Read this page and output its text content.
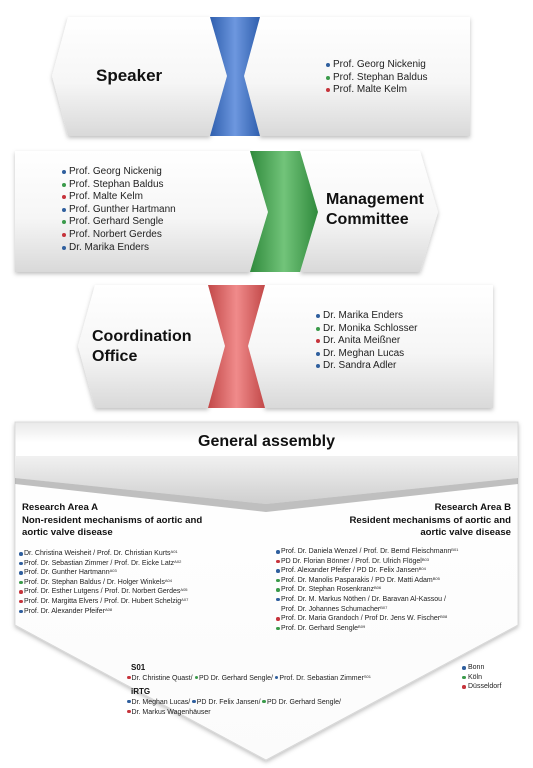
Speaker
Prof. Georg Nickenig
Prof. Stephan Baldus
Prof. Malte Kelm
Prof. Georg Nickenig
Prof. Stephan Baldus
Prof. Malte Kelm
Prof. Gunther Hartmann
Prof. Gerhard Sengle
Prof. Norbert Gerdes
Dr. Marika Enders
Management
Committee
Coordination
Office
Dr. Marika Enders
Dr. Monika Schlosser
Dr. Anita Meißner
Dr. Meghan Lucas
Dr. Sandra Adler
General assembly
Research Area A
Non-resident mechanisms of aortic and
aortic valve disease
Research Area B
Resident mechanisms of aortic and
aortic valve disease
Dr. Christina Weisheit / Prof. Dr. Christian Kurts$^{A01}$
Prof. Dr. Sebastian Zimmer / Prof. Dr. Eicke Latz$^{A02}$
Prof. Dr. Gunther Hartmann$^{A03}$
Prof. Dr. Stephan Baldus / Dr. Holger Winkels$^{A04}$
Prof. Dr. Esther Lutgens / Prof. Dr. Norbert Gerdes$^{A05}$
Prof. Dr. Margitta Elvers / Prof. Dr. Hubert Schelzig$^{A07}$
Prof. Dr. Alexander Pfeifer$^{A08}$
Prof. Dr. Daniela Wenzel / Prof. Dr. Bernd Fleischmann$^{B01}$
PD Dr. Florian Bönner / Prof. Dr. Ulrich Flögel$^{B03}$
Prof. Alexander Pfeifer / PD Dr. Felix Jansen$^{B04}$
Prof. Dr. Manolis Pasparakis / PD Dr. Matti Adam$^{B05}$
Prof. Dr. Stephan Rosenkranz$^{B06}$
Prof. Dr. M. Markus Nöthen / Dr. Baravan Al-Kassou /
Prof. Dr. Johannes Schumacher$^{B07}$
Prof. Dr. Maria Grandoch / Prof Dr. Jens W. Fischer$^{B08}$
Prof. Dr. Gerhard Sengle$^{B09}$
S01
Dr. Christine Quast/ PD Dr. Gerhard Sengle/ Prof. Dr. Sebastian Zimmer$^{S01}$
iRTG
Dr. Meghan Lucas/ PD Dr. Felix Jansen/ PD Dr. Gerhard Sengle/
Dr. Markus Wagenhäuser
Bonn
Köln
Düsseldorf
